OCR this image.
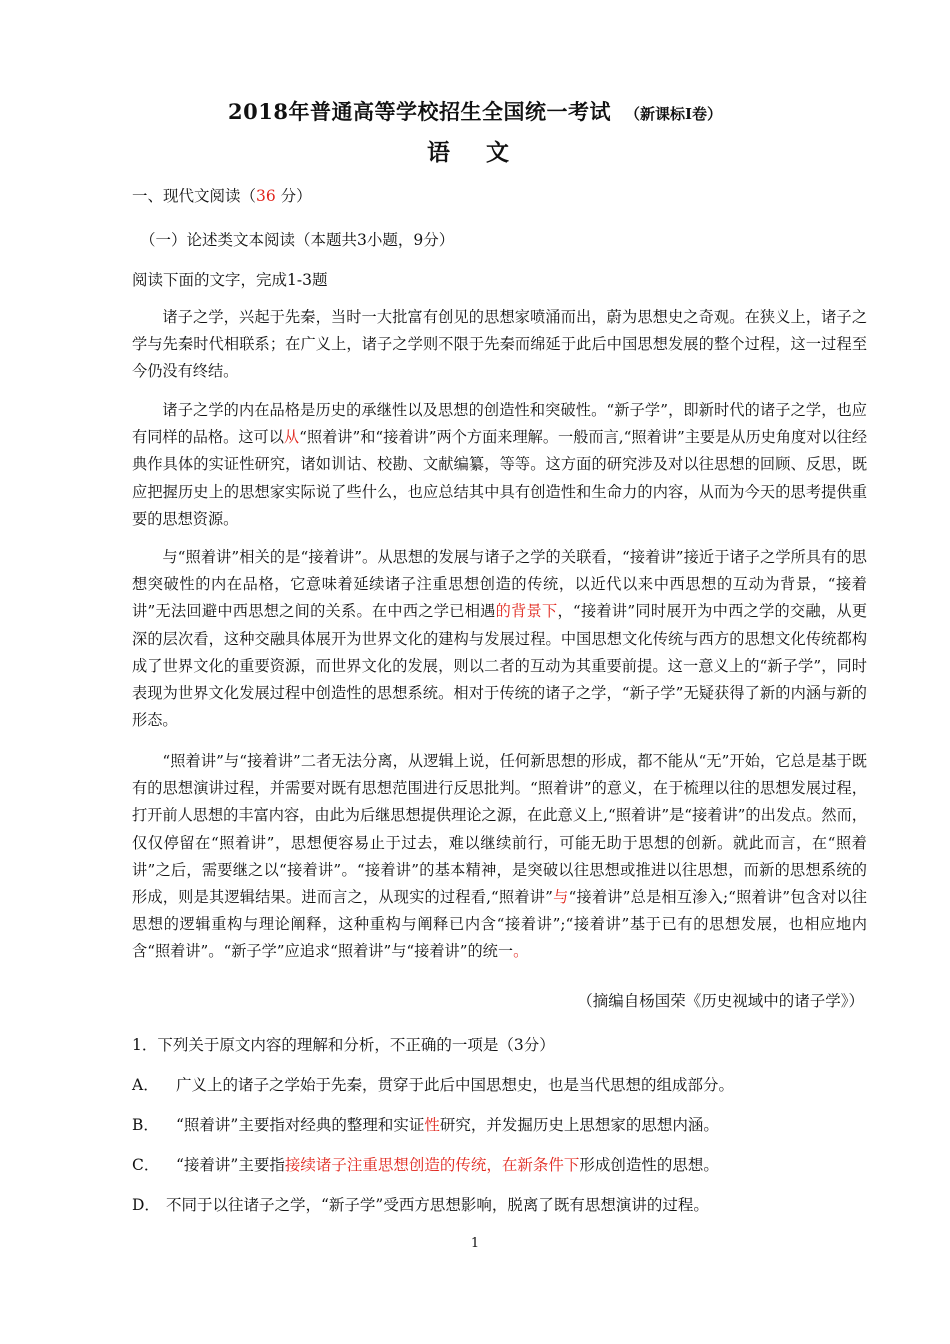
2018年普通高等学校招生全国统一考试 （新课标Ⅰ卷）
语 文
一、现代文阅读（36 分）
（一）论述类文本阅读（本题共3小题，9分）
阅读下面的文字，完成1-3题

诸子之学，兴起于先秦，当时一大批富有创见的思想家喷涌而出，蔚为思想史之奇观。在狭义上，诸子之学与先秦时代相联系；在广义上，诸子之学则不限于先秦而绵延于此后中国思想发展的整个过程，这一过程至今仍没有终结。

诸子之学的内在品格是历史的承继性以及思想的创造性和突破性。“新子学”，即新时代的诸子之学，也应有同样的品格。这可以从“照着讲”和“接着讲”两个方面来理解。一般而言,“照着讲”主要是从历史角度对以往经典作具体的实证性研究，诸如训诂、校勘、文献编纂，等等。这方面的研究涉及对以往思想的回顾、反思，既应把握历史上的思想家实际说了些什么，也应总结其中具有创造性和生命力的内容，从而为今天的思考提供重要的思想资源。

与“照着讲”相关的是“接着讲”。从思想的发展与诸子之学的关联看，“接着讲”接近于诸子之学所具有的思想突破性的内在品格，它意味着延续诸子注重思想创造的传统，以近代以来中西思想的互动为背景，“接着讲”无法回避中西思想之间的关系。在中西之学已相遇的背景下，“接着讲”同时展开为中西之学的交融，从更深的层次看，这种交融具体展开为世界文化的建构与发展过程。中国思想文化传统与西方的思想文化传统都构成了世界文化的重要资源，而世界文化的发展，则以二者的互动为其重要前提。这一意义上的“新子学”，同时表现为世界文化发展过程中创造性的思想系统。相对于传统的诸子之学，“新子学”无疑获得了新的内涵与新的形态。

“照着讲”与“接着讲”二者无法分离，从逻辑上说，任何新思想的形成，都不能从“无”开始，它总是基于既有的思想演讲过程，并需要对既有思想范围进行反思批判。“照着讲”的意义，在于梳理以往的思想发展过程，打开前人思想的丰富内容，由此为后继思想提供理论之源，在此意义上,“照着讲”是“接着讲”的出发点。然而，仅仅停留在“照着讲”，思想便容易止于过去，难以继续前行，可能无助于思想的创新。就此而言，在“照着讲”之后，需要继之以“接着讲”。“接着讲”的基本精神，是突破以往思想或推进以往思想，而新的思想系统的形成，则是其逻辑结果。进而言之，从现实的过程看,“照着讲”与“接着讲”总是相互渗入;“照着讲”包含对以往思想的逻辑重构与理论阐释，这种重构与阐释已内含“接着讲”;“接着讲”基于已有的思想发展，也相应地内含“照着讲”。“新子学”应追求“照着讲”与“接着讲”的统一。

（摘编自杨国荣《历史视域中的诸子学》）
1．下列关于原文内容的理解和分析，不正确的一项是（3分）
A． 广义上的诸子之学始于先秦，贯穿于此后中国思想史，也是当代思想的组成部分。
B． “照着讲”主要指对经典的整理和实证性研究，并发掘历史上思想家的思想内涵。
C． “接着讲”主要指接续诸子注重思想创造的传统，在新条件下形成创造性的思想。
D． 不同于以往诸子之学，“新子学”受西方思想影响，脱离了既有思想演讲的过程。
1
